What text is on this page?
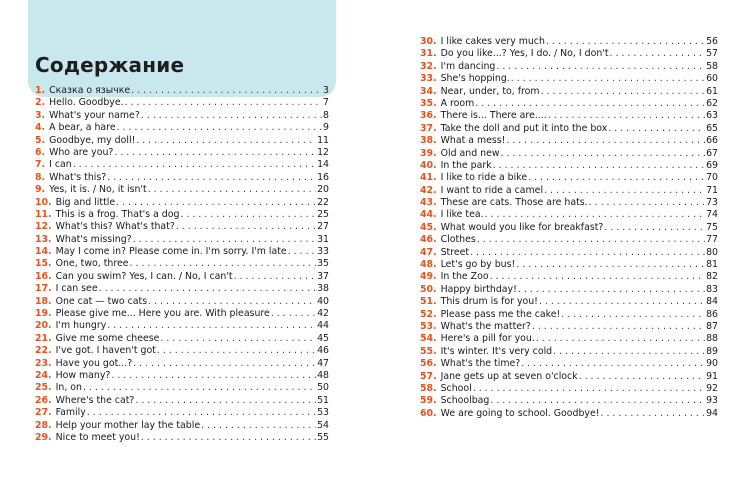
Содержание
1. Сказка о язычке . . .	3
2. Hello. Goodbye. . . .	7
3. What's your name? . . .	8
4. A bear, a hare . . .	9
5. Goodbye, my doll! . . .	11
6. Who are you? . . .	12
7. I can . . .	14
8. What's this? . . .	16
9. Yes, it is. / No, it isn't . . .	20
10. Big and little . . .	22
11. This is a frog. That's a dog . . .	25
12. What's this? What's that? . . .	27
13. What's missing? . . .	31
14. May I come in? Please come in. I'm sorry. I'm late . . .	33
15. One, two, three . . .	35
16. Can you swim? Yes, I can. / No, I can't . . .	37
17. I can see . . .	38
18. One cat — two cats . . .	40
19. Please give me... Here you are. With pleasure . . .	42
20. I'm hungry . . .	44
21. Give me some cheese . . .	45
22. I've got. I haven't got . . .	46
23. Have you got...? . . .	47
24. How many? . . .	48
25. In, on . . .	50
26. Where's the cat? . . .	51
27. Family . . .	53
28. Help your mother lay the table . . .	54
29. Nice to meet you! . . .	55
30. I like cakes very much . . .	56
31. Do you like...? Yes, I do. / No, I don't . . .	57
32. I'm dancing . . .	58
33. She's hopping. . . .	60
34. Near, under, to, from . . .	61
35. A room . . .	62
36. There is... There are.... . . .	63
37. Take the doll and put it into the box . . .	65
38. What a mess! . . .	66
39. Old and new . . .	67
40. In the park . . .	69
41. I like to ride a bike . . .	70
42. I want to ride a camel . . .	71
43. These are cats. Those are hats. . . .	73
44. I like tea. . . .	74
45. What would you like for breakfast? . . .	75
46. Clothes . . .	77
47. Street . . .	80
48. Let's go by bus! . . .	81
49. In the Zoo . . .	82
50. Happy birthday! . . .	83
51. This drum is for you! . . .	84
52. Please pass me the cake! . . .	86
53. What's the matter? . . .	87
54. Here's a pill for you. . . .	88
55. It's winter. It's very cold . . .	89
56. What's the time? . . .	90
57. Jane gets up at seven o'clock . . .	91
58. School . . .	92
59. Schoolbag . . .	93
60. We are going to school. Goodbye! . . .	94
